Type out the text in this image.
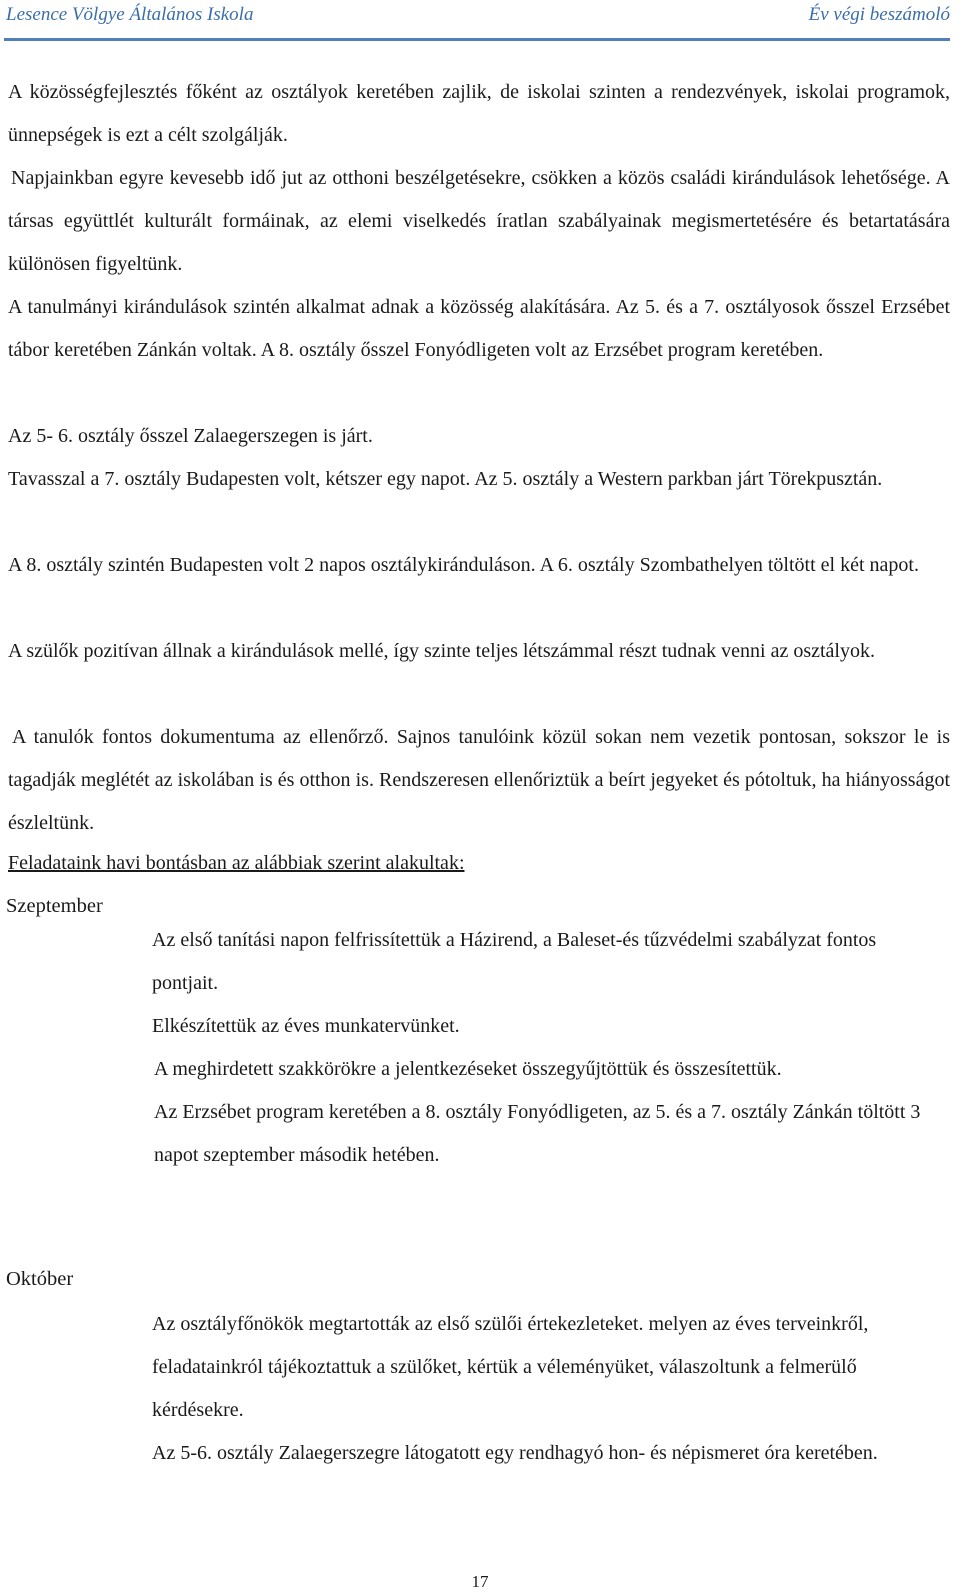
Lesence Völgye Általános Iskola	Év végi beszámoló

A közösségfejlesztés főként az osztályok keretében zajlik, de iskolai szinten a rendezvények, iskolai programok, ünnepségek is ezt a célt szolgálják.

Napjainkban egyre kevesebb idő jut az otthoni beszélgetésekre, csökken a közös családi kirándulások lehetősége. A társas együttlét kulturált formáinak, az elemi viselkedés íratlan szabályainak megismertetésére és betartatására különösen figyeltünk.

A tanulmányi kirándulások szintén alkalmat adnak a közösség alakítására. Az 5. és a 7. osztályosok ősszel Erzsébet tábor keretében Zánkán voltak. A 8. osztály ősszel Fonyódligeten volt az Erzsébet program keretében.

Az 5- 6. osztály ősszel Zalaegerszegen is járt.

Tavasszal a 7. osztály Budapesten volt, kétszer egy napot. Az 5. osztály a Western parkban járt Törekpusztán.

A 8. osztály szintén Budapesten volt 2 napos osztálykiránduláson. A 6. osztály Szombathelyen töltött el két napot.

A szülők pozitívan állnak a kirándulások mellé, így szinte teljes létszámmal részt tudnak venni az osztályok.

A tanulók fontos dokumentuma az ellenőrző. Sajnos tanulóink közül sokan nem vezetik pontosan, sokszor le is tagadják meglétét az iskolában is és otthon is. Rendszeresen ellenőriztük a beírt jegyeket és pótoltuk, ha hiányosságot észleltünk.

Feladataink havi bontásban az alábbiak szerint alakultak:

Szeptember

Az első tanítási napon felfrissítettük a Házirend, a Baleset-és tűzvédelmi szabályzat fontos pontjait.

Elkészítettük az éves munkatervünket.

A meghirdetett szakkörökre a jelentkezéseket összegyűjtöttük és összesítettük.

Az Erzsébet program keretében a 8. osztály Fonyódligeten, az 5. és a 7. osztály Zánkán töltött 3 napot szeptember második hetében.

Október

Az osztályfőnökök megtartották az első szülői értekezleteket. melyen az éves terveinkről, feladatainkról tájékoztattuk a szülőket, kértük a véleményüket, válaszoltunk a felmerülő kérdésekre.

Az 5-6. osztály Zalaegerszegre látogatott egy rendhagyó hon- és népismeret óra keretében.

17
